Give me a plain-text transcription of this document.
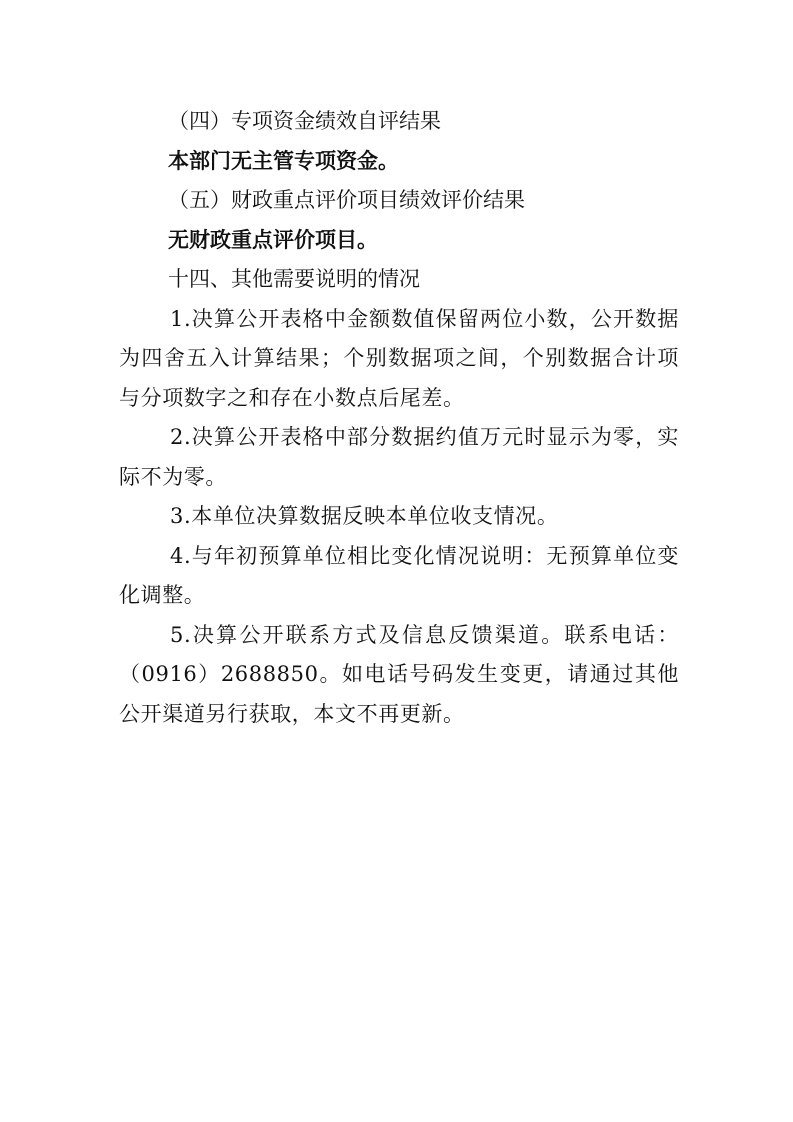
（四）专项资金绩效自评结果

本部门无主管专项资金。

（五）财政重点评价项目绩效评价结果

无财政重点评价项目。

十四、其他需要说明的情况

1.决算公开表格中金额数值保留两位小数，公开数据为四舍五入计算结果；个别数据项之间，个别数据合计项与分项数字之和存在小数点后尾差。

2.决算公开表格中部分数据约值万元时显示为零，实际不为零。

3.本单位决算数据反映本单位收支情况。

4.与年初预算单位相比变化情况说明：无预算单位变化调整。

5.决算公开联系方式及信息反馈渠道。联系电话：（0916）2688850。如电话号码发生变更，请通过其他公开渠道另行获取，本文不再更新。
